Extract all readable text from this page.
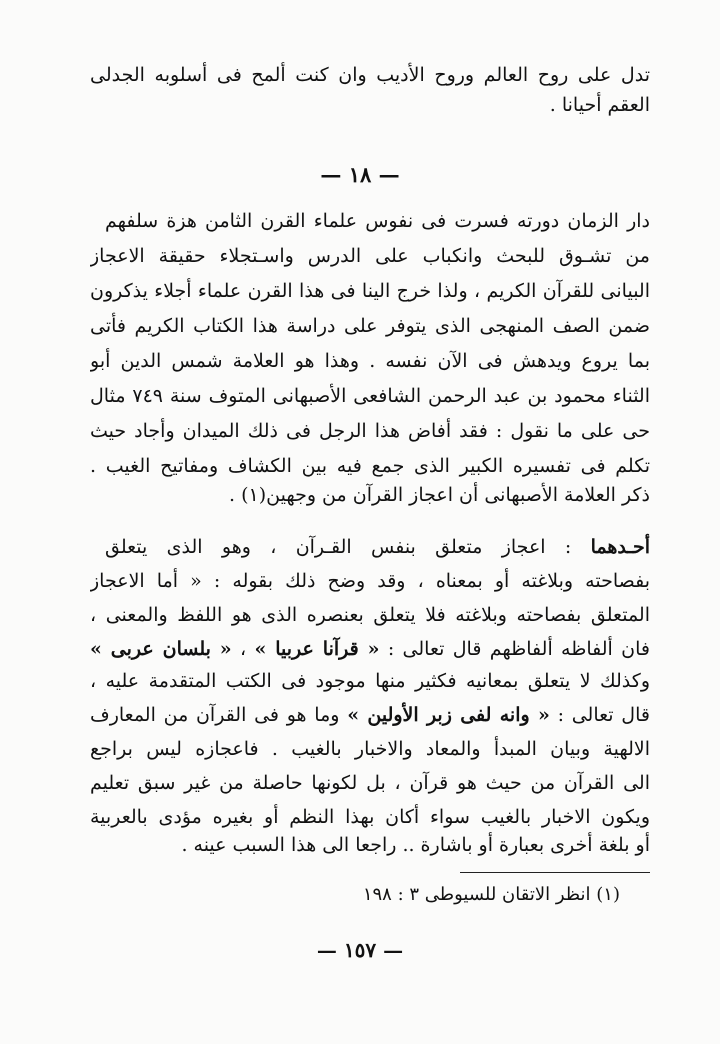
تدل على روح العالم وروح الأديب وان كنت ألمح فى أسلوبه الجدلى
العقم أحيانا .
— ١٨ —
دار الزمان دورته فسرت فى نفوس علماء القرن الثامن هزة سلفهم
من تشـوق للبحث وانكباب على الدرس واسـتجلاء حقيقة الاعجاز
البيانى للقرآن الكريم ، ولذا خرج الينا فى هذا القرن علماء أجلاء يذكرون
ضمن الصف المنهجى الذى يتوفر على دراسة هذا الكتاب الكريم فأتى
بما يروع ويدهش فى الآن نفسه . وهذا هو العلامة شمس الدين أبو
الثناء محمود بن عبد الرحمن الشافعى الأصبهانى المتوف سنة ٧٤٩ مثال
حى على ما نقول : فقد أفاض هذا الرجل فى ذلك الميدان وأجاد حيث
تكلم فى تفسيره الكبير الذى جمع فيه بين الكشاف ومفاتيح الغيب .
ذكر العلامة الأصبهانى أن اعجاز القرآن من وجهين(١) .
أحـدهما : اعجاز متعلق بنفس القـرآن ، وهو الذى يتعلق
بفصاحته وبلاغته أو بمعناه ، وقد وضح ذلك بقوله : « أما الاعجاز
المتعلق بفصاحته وبلاغته فلا يتعلق بعنصره الذى هو اللفظ والمعنى ،
فان ألفاظه ألفاظهم قال تعالى : « قرآنا عربيا » ، « بلسان عربى »
وكذلك لا يتعلق بمعانيه فكثير منها موجود فى الكتب المتقدمة عليه ،
قال تعالى : « وانه لفى زبر الأولين » وما هو فى القرآن من المعارف
الالهية وبيان المبدأ والمعاد والاخبار بالغيب . فاعجازه ليس براجع
الى القرآن من حيث هو قرآن ، بل لكونها حاصلة من غير سبق تعليم
ويكون الاخبار بالغيب سواء أكان بهذا النظم أو بغيره مؤدى بالعربية
أو بلغة أخرى بعبارة أو باشارة .. راجعا الى هذا السبب عينه .
(١) انظر الاتقان للسيوطى ٣ : ١٩٨
— ١٥٧ —
